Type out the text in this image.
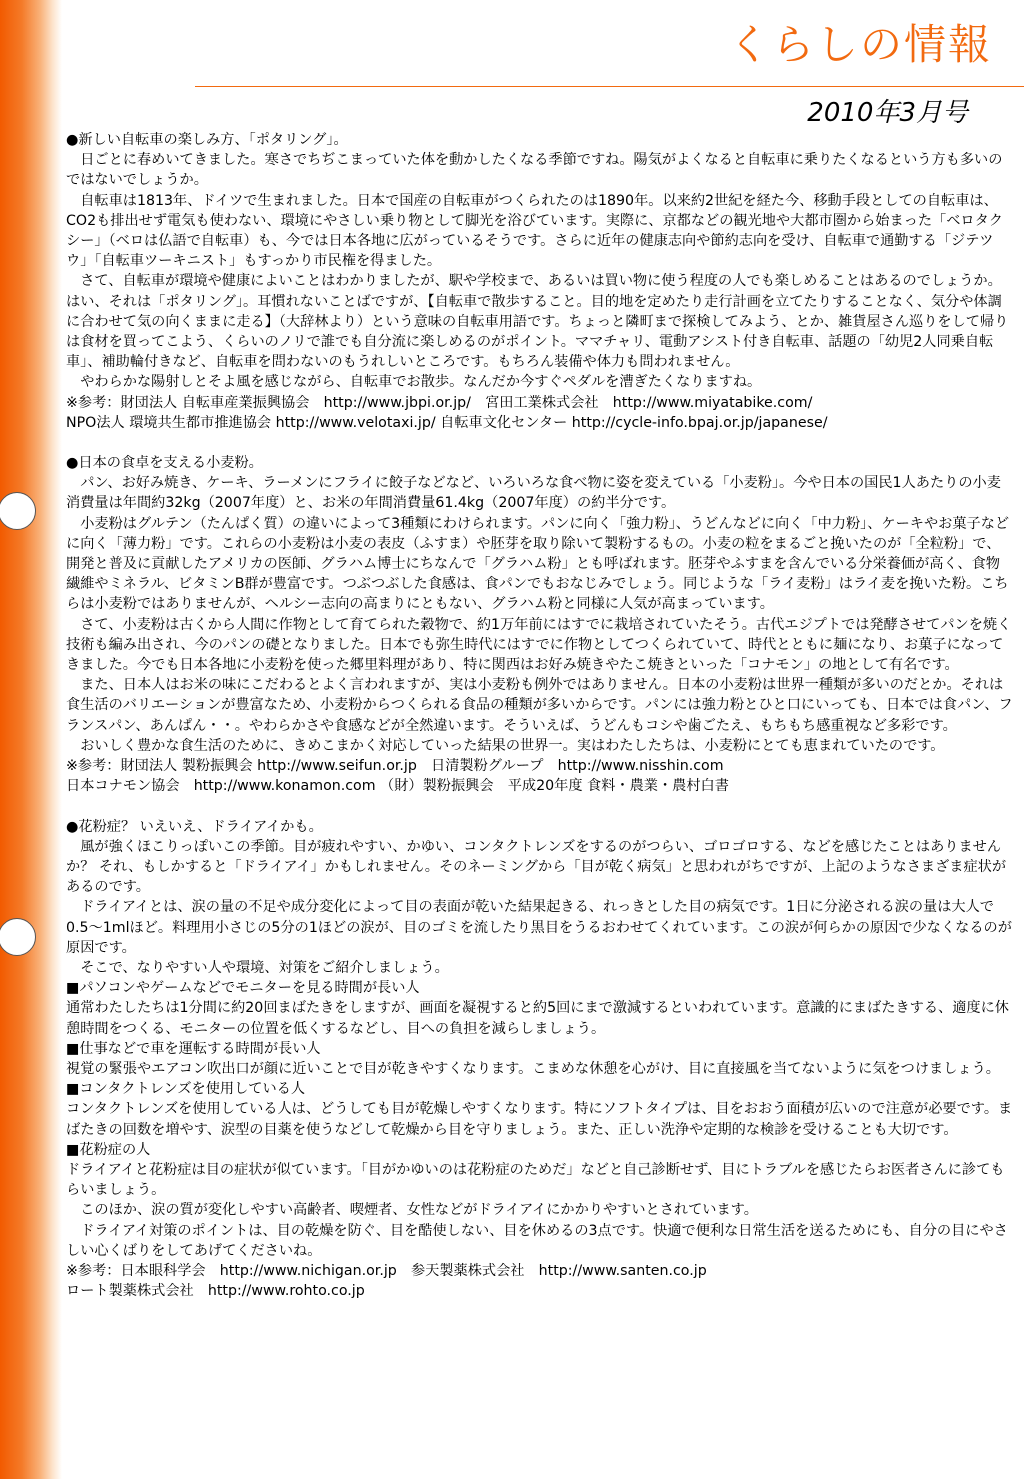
くらしの情報
2010年3月号

●新しい自転車の楽しみ方、「ポタリング」。

日ごとに春めいてきました。寒さでちぢこまっていた体を動かしたくなる季節ですね。陽気がよくなると自転車に乗りたくなるという方も多いのではないでしょうか。

自転車は1813年、ドイツで生まれました。日本で国産の自転車がつくられたのは1890年。以来約2世紀を経た今、移動手段としての自転車は、CO2も排出せず電気も使わない、環境にやさしい乗り物として脚光を浴びています。実際に、京都などの観光地や大都市圏から始まった「ベロタクシー」（ベロは仏語で自転車）も、今では日本各地に広がっているそうです。さらに近年の健康志向や節約志向を受け、自転車で通勤する「ジテツウ」「自転車ツーキニスト」もすっかり市民権を得ました。

さて、自転車が環境や健康によいことはわかりましたが、駅や学校まで、あるいは買い物に使う程度の人でも楽しめることはあるのでしょうか。はい、それは「ポタリング」。耳慣れないことばですが、【自転車で散歩すること。目的地を定めたり走行計画を立てたりすることなく、気分や体調に合わせて気の向くままに走る】（大辞林より）という意味の自転車用語です。ちょっと隣町まで探検してみよう、とか、雑貨屋さん巡りをして帰りは食材を買ってこよう、くらいのノリで誰でも自分流に楽しめるのがポイント。ママチャリ、電動アシスト付き自転車、話題の「幼児2人同乗自転車」、補助輪付きなど、自転車を問わないのもうれしいところです。もちろん装備や体力も問われません。

やわらかな陽射しとそよ風を感じながら、自転車でお散歩。なんだか今すぐペダルを漕ぎたくなりますね。

※参考：財団法人 自転車産業振興協会　http://www.jbpi.or.jp/　宮田工業株式会社　http://www.miyatabike.com/

NPO法人 環境共生都市推進協会 http://www.velotaxi.jp/ 自転車文化センター http://cycle-info.bpaj.or.jp/japanese/

●日本の食卓を支える小麦粉。

パン、お好み焼き、ケーキ、ラーメンにフライに餃子などなど、いろいろな食べ物に姿を変えている「小麦粉」。今や日本の国民1人あたりの小麦消費量は年間約32kg（2007年度）と、お米の年間消費量61.4kg（2007年度）の約半分です。

小麦粉はグルテン（たんぱく質）の違いによって3種類にわけられます。パンに向く「強力粉」、うどんなどに向く「中力粉」、ケーキやお菓子などに向く「薄力粉」です。これらの小麦粉は小麦の表皮（ふすま）や胚芽を取り除いて製粉するもの。小麦の粒をまるごと挽いたのが「全粒粉」で、開発と普及に貢献したアメリカの医師、グラハム博士にちなんで「グラハム粉」とも呼ばれます。胚芽やふすまを含んでいる分栄養価が高く、食物繊維やミネラル、ビタミンB群が豊富です。つぶつぶした食感は、食パンでもおなじみでしょう。同じような「ライ麦粉」はライ麦を挽いた粉。こちらは小麦粉ではありませんが、ヘルシー志向の高まりにともない、グラハム粉と同様に人気が高まっています。

さて、小麦粉は古くから人間に作物として育てられた穀物で、約1万年前にはすでに栽培されていたそう。古代エジプトでは発酵させてパンを焼く技術も編み出され、今のパンの礎となりました。日本でも弥生時代にはすでに作物としてつくられていて、時代とともに麺になり、お菓子になってきました。今でも日本各地に小麦粉を使った郷里料理があり、特に関西はお好み焼きやたこ焼きといった「コナモン」の地として有名です。

また、日本人はお米の味にこだわるとよく言われますが、実は小麦粉も例外ではありません。日本の小麦粉は世界一種類が多いのだとか。それは食生活のバリエーションが豊富なため、小麦粉からつくられる食品の種類が多いからです。パンには強力粉とひと口にいっても、日本では食パン、フランスパン、あんぱん・・。やわらかさや食感などが全然違います。そういえば、うどんもコシや歯ごたえ、もちもち感重視など多彩です。

おいしく豊かな食生活のために、きめこまかく対応していった結果の世界一。実はわたしたちは、小麦粉にとても恵まれていたのです。

※参考：財団法人 製粉振興会 http://www.seifun.or.jp　日清製粉グループ　http://www.nisshin.com

日本コナモン協会　http://www.konamon.com （財）製粉振興会　平成20年度 食料・農業・農村白書

●花粉症？ いえいえ、ドライアイかも。

風が強くほこりっぽいこの季節。目が疲れやすい、かゆい、コンタクトレンズをするのがつらい、ゴロゴロする、などを感じたことはありませんか？ それ、もしかすると「ドライアイ」かもしれません。そのネーミングから「目が乾く病気」と思われがちですが、上記のようなさまざま症状があるのです。

ドライアイとは、涙の量の不足や成分変化によって目の表面が乾いた結果起きる、れっきとした目の病気です。1日に分泌される涙の量は大人で0.5〜1mlほど。料理用小さじの5分の1ほどの涙が、目のゴミを流したり黒目をうるおわせてくれています。この涙が何らかの原因で少なくなるのが原因です。

そこで、なりやすい人や環境、対策をご紹介しましょう。

■パソコンやゲームなどでモニターを見る時間が長い人

通常わたしたちは1分間に約20回まばたきをしますが、画面を凝視すると約5回にまで激減するといわれています。意識的にまばたきする、適度に休憩時間をつくる、モニターの位置を低くするなどし、目への負担を減らしましょう。

■仕事などで車を運転する時間が長い人

視覚の緊張やエアコン吹出口が顔に近いことで目が乾きやすくなります。こまめな休憩を心がけ、目に直接風を当てないように気をつけましょう。

■コンタクトレンズを使用している人

コンタクトレンズを使用している人は、どうしても目が乾燥しやすくなります。特にソフトタイプは、目をおおう面積が広いので注意が必要です。まばたきの回数を増やす、涙型の目薬を使うなどして乾燥から目を守りましょう。また、正しい洗浄や定期的な検診を受けることも大切です。

■花粉症の人

ドライアイと花粉症は目の症状が似ています。「目がかゆいのは花粉症のためだ」などと自己診断せず、目にトラブルを感じたらお医者さんに診てもらいましょう。

このほか、涙の質が変化しやすい高齢者、喫煙者、女性などがドライアイにかかりやすいとされています。

ドライアイ対策のポイントは、目の乾燥を防ぐ、目を酷使しない、目を休めるの3点です。快適で便利な日常生活を送るためにも、自分の目にやさしい心くばりをしてあげてくださいね。

※参考：日本眼科学会　http://www.nichigan.or.jp　参天製薬株式会社　http://www.santen.co.jp

ロート製薬株式会社　http://www.rohto.co.jp
